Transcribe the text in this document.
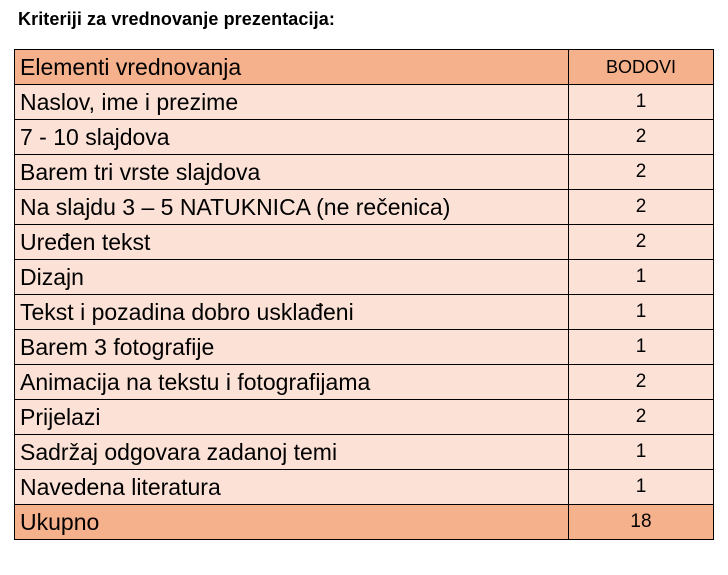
Kriteriji za vrednovanje prezentacija:
Elementi vrednovanja	BODOVI
Naslov, ime i prezime	1
7 - 10 slajdova	2
Barem tri vrste slajdova	2
Na slajdu 3 – 5 NATUKNICA (ne rečenica)	2
Uređen tekst	2
Dizajn	1
Tekst i pozadina dobro usklađeni	1
Barem 3 fotografije	1
Animacija na tekstu i fotografijama	2
Prijelazi	2
Sadržaj odgovara zadanoj temi	1
Navedena literatura	1
Ukupno	18
